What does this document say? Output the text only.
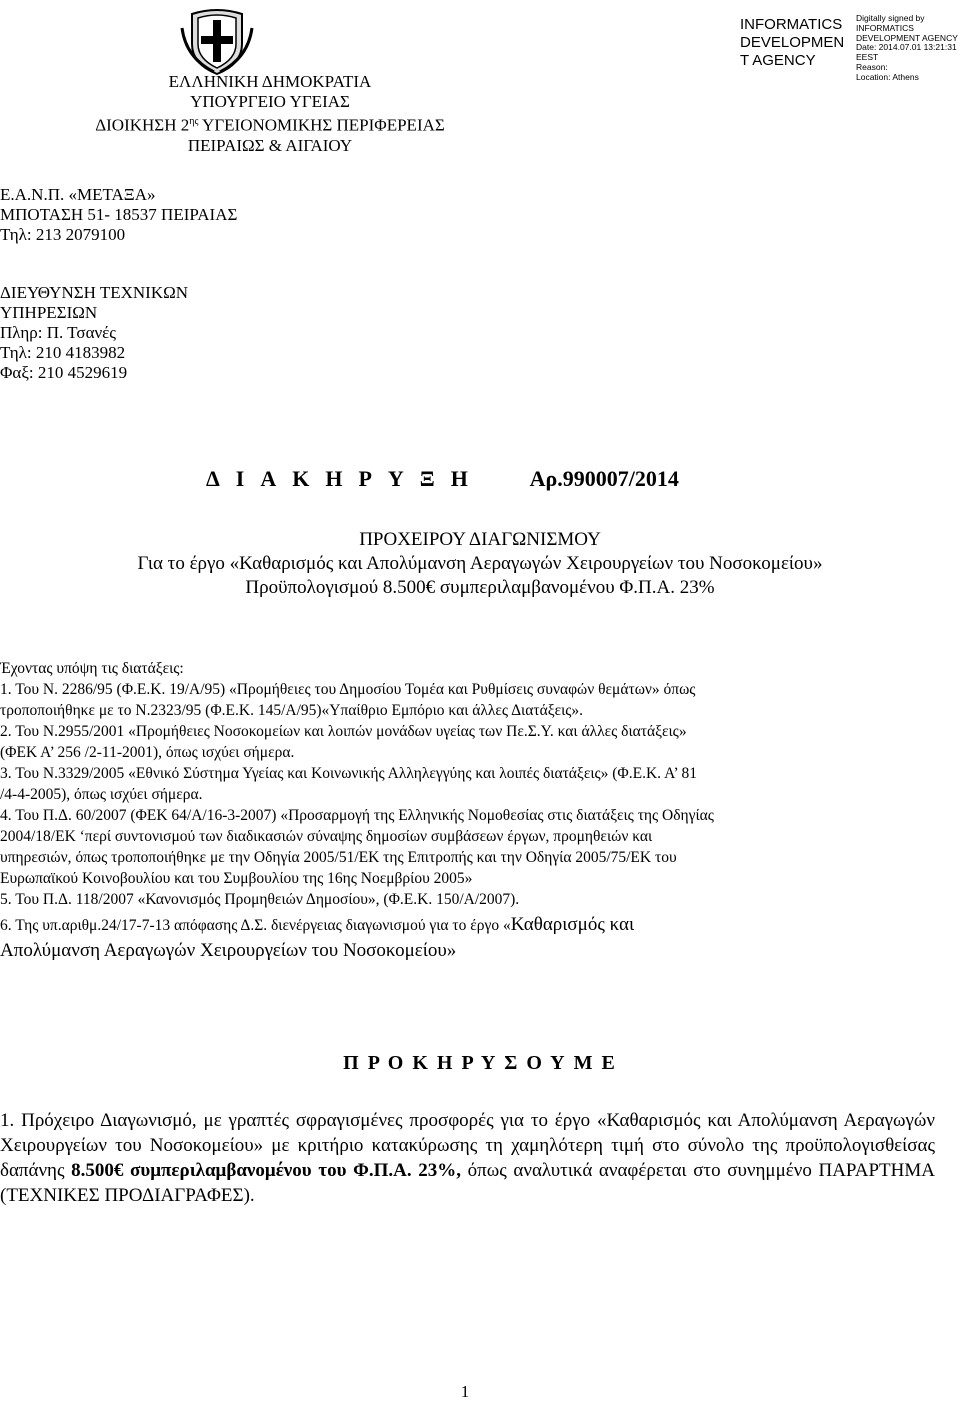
INFORMATICS
DEVELOPMEN
T AGENCY
Digitally signed by
INFORMATICS
DEVELOPMENT AGENCY
Date: 2014.07.01 13:21:31
EEST
Reason:
Location: Athens
ΕΛΛΗΝΙΚΗ ΔΗΜΟΚΡΑΤΙΑ
ΥΠΟΥΡΓΕΙΟ ΥΓΕΙΑΣ
ΔΙΟΙΚΗΣΗ $2^{\eta\varsigma}$ ΥΓΕΙΟΝΟΜΙΚΗΣ ΠΕΡΙΦΕΡΕΙΑΣ
ΠΕΙΡΑΙΩΣ & ΑΙΓΑΙΟΥ
Ε.Α.Ν.Π. «ΜΕΤΑΞΑ»
ΜΠΟΤΑΣΗ 51- 18537 ΠΕΙΡΑΙΑΣ
Τηλ: 213 2079100
ΔΙΕΥΘΥΝΣΗ ΤΕΧΝΙΚΩΝ
ΥΠΗΡΕΣΙΩΝ
Πληρ: Π. Τσανές
Τηλ: 210 4183982
Φαξ: 210 4529619
ΔΙΑΚΗΡΥΞΗ Αρ.990007/2014
ΠΡΟΧΕΙΡΟΥ ΔΙΑΓΩΝΙΣΜΟΥ
Για το έργο «Καθαρισμός και Απολύμανση Αεραγωγών Χειρουργείων του Νοσοκομείου»
Προϋπολογισμού 8.500€ συμπεριλαμβανομένου Φ.Π.Α. 23%
Έχοντας υπόψη τις διατάξεις:
1. Του Ν. 2286/95 (Φ.Ε.Κ. 19/Α/95) «Προμήθειες του Δημοσίου Τομέα και Ρυθμίσεις συναφών θεμάτων» όπως
τροποποιήθηκε με το Ν.2323/95 (Φ.Ε.Κ. 145/Α/95)«Υπαίθριο Εμπόριο και άλλες Διατάξεις».
2. Του Ν.2955/2001 «Προμήθειες Νοσοκομείων και λοιπών μονάδων υγείας των Πε.Σ.Υ. και άλλες διατάξεις»
(ΦΕΚ Α’ 256 /2-11-2001), όπως ισχύει σήμερα.
3. Του Ν.3329/2005 «Εθνικό Σύστημα Υγείας και Κοινωνικής Αλληλεγγύης και λοιπές διατάξεις» (Φ.Ε.Κ. Α’ 81
/4-4-2005), όπως ισχύει σήμερα.
4. Του Π.Δ. 60/2007 (ΦΕΚ 64/Α/16-3-2007) «Προσαρμογή της Ελληνικής Νομοθεσίας στις διατάξεις της Οδηγίας
2004/18/ΕΚ ‘περί συντονισμού των διαδικασιών σύναψης δημοσίων συμβάσεων έργων, προμηθειών και
υπηρεσιών, όπως τροποποιήθηκε με την Οδηγία 2005/51/ΕΚ της Επιτροπής και την Οδηγία 2005/75/ΕΚ του
Ευρωπαϊκού Κοινοβουλίου και του Συμβουλίου της 16ης Νοεμβρίου 2005»
5. Του Π.Δ. 118/2007 «Κανονισμός Προμηθειών Δημοσίου», (Φ.Ε.Κ. 150/Α/2007).
6. Της υπ.αριθμ.24/17-7-13 απόφασης Δ.Σ. διενέργειας διαγωνισμού για το έργο «Καθαρισμός και
Απολύμανση Αεραγωγών Χειρουργείων του Νοσοκομείου»
Π Ρ Ο Κ Η Ρ Υ Σ Ο Υ Μ Ε
1. Πρόχειρο Διαγωνισμό, με γραπτές σφραγισμένες προσφορές για το έργο «Καθαρισμός και Απολύμανση Αεραγωγών Χειρουργείων του Νοσοκομείου» με κριτήριο κατακύρωσης τη χαμηλότερη τιμή στο σύνολο της προϋπολογισθείσας δαπάνης 8.500€ συμπεριλαμβανομένου του Φ.Π.Α. 23%, όπως αναλυτικά αναφέρεται στο συνημμένο ΠΑΡΑΡΤΗΜΑ (ΤΕΧΝΙΚΕΣ ΠΡΟΔΙΑΓΡΑΦΕΣ).
1
